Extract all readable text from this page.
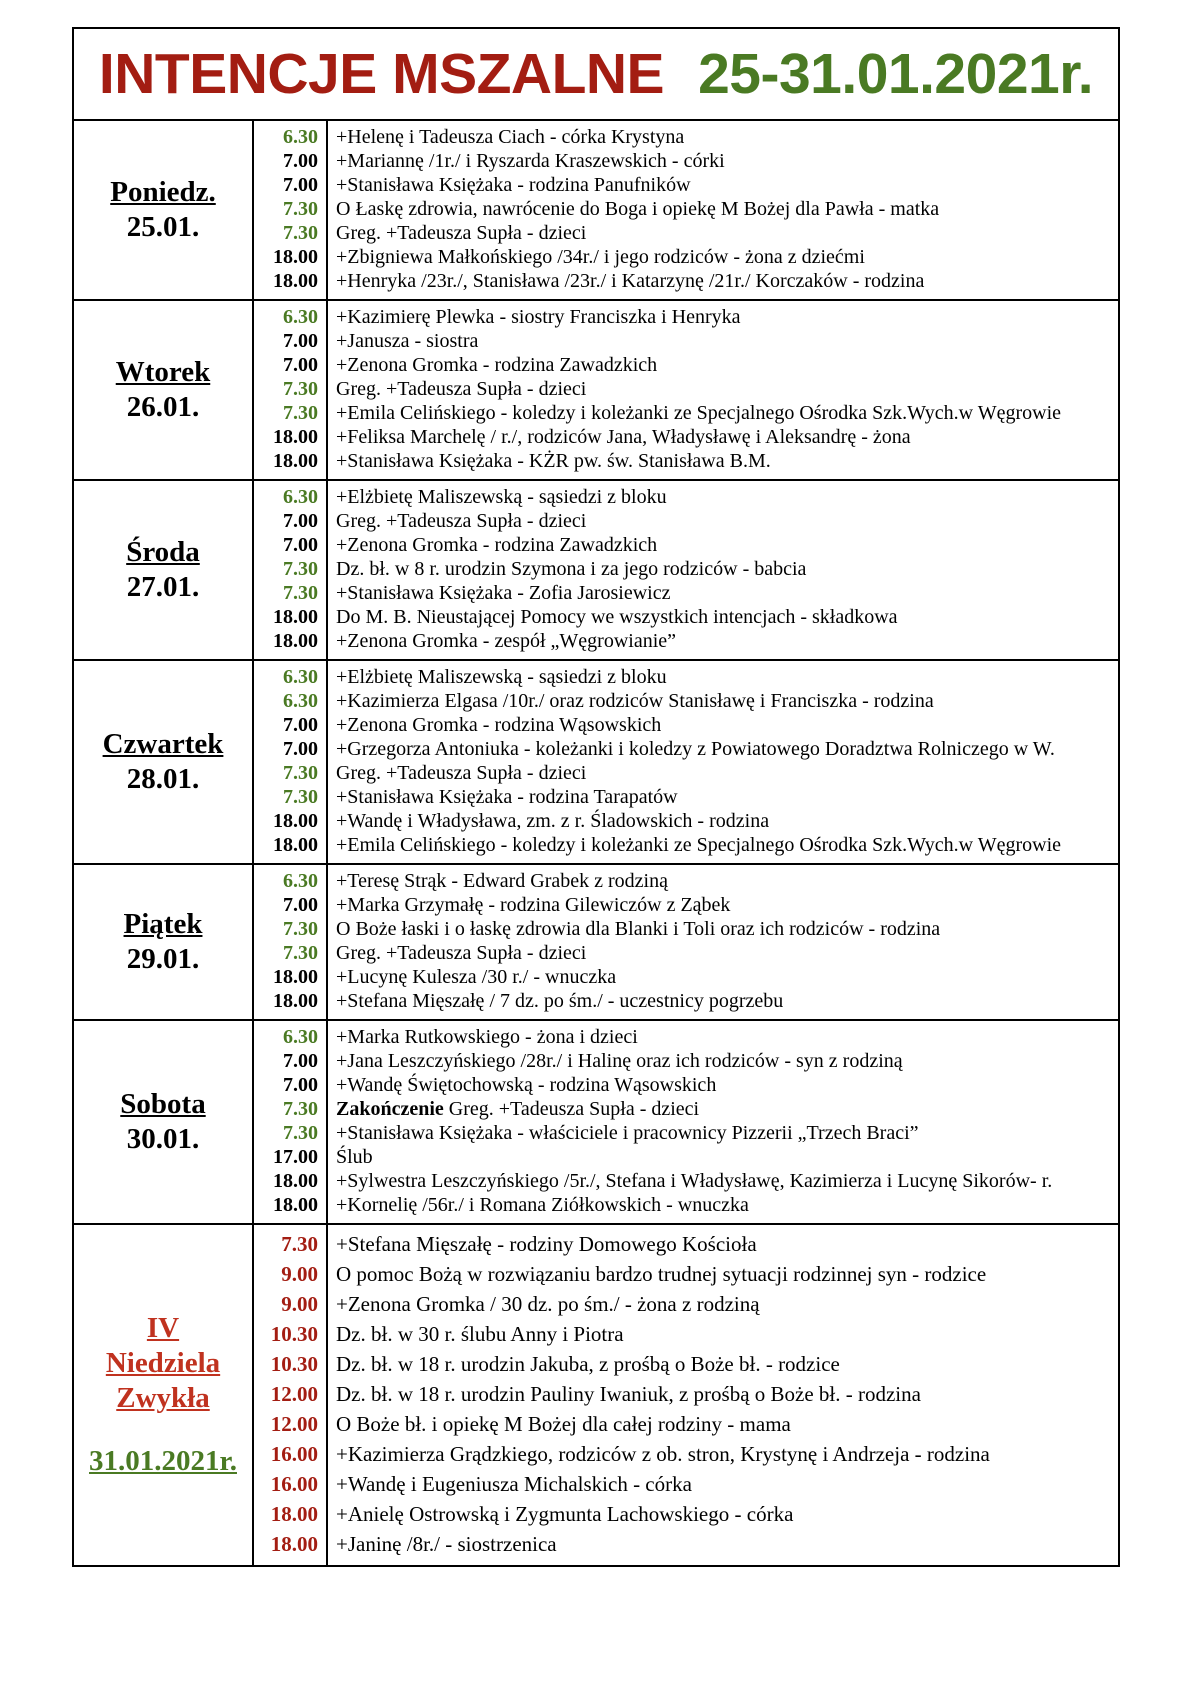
INTENCJE MSZALNE 25-31.01.2021r.
Poniedz.
25.01.
6.30
7.00
7.00
7.30
7.30
18.00
18.00
+Helenę i Tadeusza Ciach - córka Krystyna
+Mariannę /1r./ i Ryszarda Kraszewskich - córki
+Stanisława Księżaka - rodzina Panufników
O Łaskę zdrowia, nawrócenie do Boga i opiekę M Bożej dla Pawła - matka
Greg. +Tadeusza Supła - dzieci
+Zbigniewa Małkońskiego /34r./ i jego rodziców - żona z dziećmi
+Henryka /23r./, Stanisława /23r./ i Katarzynę /21r./ Korczaków - rodzina
Wtorek
26.01.
6.30
7.00
7.00
7.30
7.30
18.00
18.00
+Kazimierę Plewka - siostry Franciszka i Henryka
+Janusza - siostra
+Zenona Gromka - rodzina Zawadzkich
Greg. +Tadeusza Supła - dzieci
+Emila Celińskiego - koledzy i koleżanki ze Specjalnego Ośrodka Szk.Wych.w Węgrowie
+Feliksa Marchelę / r./, rodziców Jana, Władysławę i Aleksandrę - żona
+Stanisława Księżaka - KŻR pw. św. Stanisława B.M.
Środa
27.01.
6.30
7.00
7.00
7.30
7.30
18.00
18.00
+Elżbietę Maliszewską - sąsiedzi z bloku
Greg. +Tadeusza Supła - dzieci
+Zenona Gromka - rodzina Zawadzkich
Dz. bł. w 8 r. urodzin Szymona i za jego rodziców - babcia
+Stanisława Księżaka - Zofia Jarosiewicz
Do M. B. Nieustającej Pomocy we wszystkich intencjach - składkowa
+Zenona Gromka - zespół „Węgrowianie”
Czwartek
28.01.
6.30
6.30
7.00
7.00
7.30
7.30
18.00
18.00
+Elżbietę Maliszewską - sąsiedzi z bloku
+Kazimierza Elgasa /10r./ oraz rodziców Stanisławę i Franciszka - rodzina
+Zenona Gromka - rodzina Wąsowskich
+Grzegorza Antoniuka - koleżanki i koledzy z Powiatowego Doradztwa Rolniczego w W.
Greg. +Tadeusza Supła - dzieci
+Stanisława Księżaka - rodzina Tarapatów
+Wandę i Władysława, zm. z r. Śladowskich - rodzina
+Emila Celińskiego - koledzy i koleżanki ze Specjalnego Ośrodka Szk.Wych.w Węgrowie
Piątek
29.01.
6.30
7.00
7.30
7.30
18.00
18.00
+Teresę Strąk - Edward Grabek z rodziną
+Marka Grzymałę - rodzina Gilewiczów z Ząbek
O Boże łaski i o łaskę zdrowia dla Blanki i Toli oraz ich rodziców - rodzina
Greg. +Tadeusza Supła - dzieci
+Lucynę Kulesza /30 r./ - wnuczka
+Stefana Mięszałę / 7 dz. po śm./ - uczestnicy pogrzebu
Sobota
30.01.
6.30
7.00
7.00
7.30
7.30
17.00
18.00
18.00
+Marka Rutkowskiego - żona i dzieci
+Jana Leszczyńskiego /28r./ i Halinę oraz ich rodziców - syn z rodziną
+Wandę Świętochowską - rodzina Wąsowskich
Zakończenie Greg. +Tadeusza Supła - dzieci
+Stanisława Księżaka - właściciele i pracownicy Pizzerii „Trzech Braci”
Ślub
+Sylwestra Leszczyńskiego /5r./, Stefana i Władysławę, Kazimierza i Lucynę Sikorów- r.
+Kornelię /56r./ i Romana Ziółkowskich - wnuczka
IV
Niedziela
Zwykła
31.01.2021r.
7.30
9.00
9.00
10.30
10.30
12.00
12.00
16.00
16.00
18.00
18.00
+Stefana Mięszałę - rodziny Domowego Kościoła
O pomoc Bożą w rozwiązaniu bardzo trudnej sytuacji rodzinnej syn - rodzice
+Zenona Gromka / 30 dz. po śm./ - żona z rodziną
Dz. bł. w 30 r. ślubu Anny i Piotra
Dz. bł. w 18 r. urodzin Jakuba, z prośbą o Boże bł. - rodzice
Dz. bł. w 18 r. urodzin Pauliny Iwaniuk, z prośbą o Boże bł. - rodzina
O Boże bł. i opiekę M Bożej dla całej rodziny - mama
+Kazimierza Grądzkiego, rodziców z ob. stron, Krystynę i Andrzeja - rodzina
+Wandę i Eugeniusza Michalskich - córka
+Anielę Ostrowską i Zygmunta Lachowskiego - córka
+Janinę /8r./ - siostrzenica
